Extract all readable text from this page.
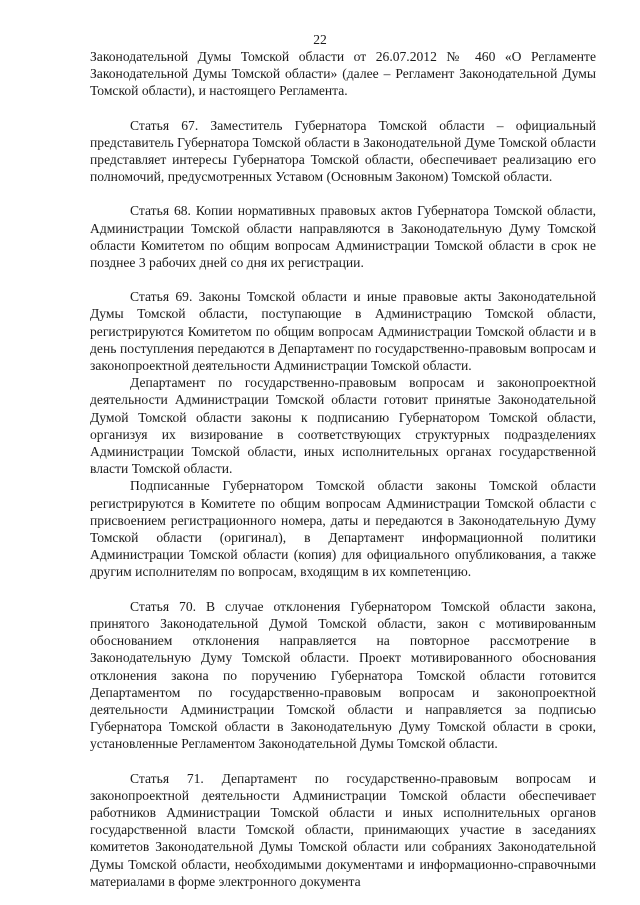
22

Законодательной Думы Томской области от 26.07.2012 № 460 «О Регламенте Законодательной Думы Томской области» (далее – Регламент Законодательной Думы Томской области), и настоящего Регламента.

Статья 67. Заместитель Губернатора Томской области – официальный представитель Губернатора Томской области в Законодательной Думе Томской области представляет интересы Губернатора Томской области, обеспечивает реализацию его полномочий, предусмотренных Уставом (Основным Законом) Томской области.

Статья 68. Копии нормативных правовых актов Губернатора Томской области, Администрации Томской области направляются в Законодательную Думу Томской области Комитетом по общим вопросам Администрации Томской области в срок не позднее 3 рабочих дней со дня их регистрации.

Статья 69. Законы Томской области и иные правовые акты Законодательной Думы Томской области, поступающие в Администрацию Томской области, регистрируются Комитетом по общим вопросам Администрации Томской области и в день поступления передаются в Департамент по государственно-правовым вопросам и законопроектной деятельности Администрации Томской области.

Департамент по государственно-правовым вопросам и законопроектной деятельности Администрации Томской области готовит принятые Законодательной Думой Томской области законы к подписанию Губернатором Томской области, организуя их визирование в соответствующих структурных подразделениях Администрации Томской области, иных исполнительных органах государственной власти Томской области.

Подписанные Губернатором Томской области законы Томской области регистрируются в Комитете по общим вопросам Администрации Томской области с присвоением регистрационного номера, даты и передаются в Законодательную Думу Томской области (оригинал), в Департамент информационной политики Администрации Томской области (копия) для официального опубликования, а также другим исполнителям по вопросам, входящим в их компетенцию.

Статья 70. В случае отклонения Губернатором Томской области закона, принятого Законодательной Думой Томской области, закон с мотивированным обоснованием отклонения направляется на повторное рассмотрение в Законодательную Думу Томской области. Проект мотивированного обоснования отклонения закона по поручению Губернатора Томской области готовится Департаментом по государственно-правовым вопросам и законопроектной деятельности Администрации Томской области и направляется за подписью Губернатора Томской области в Законодательную Думу Томской области в сроки, установленные Регламентом Законодательной Думы Томской области.

Статья 71. Департамент по государственно-правовым вопросам и законопроектной деятельности Администрации Томской области обеспечивает работников Администрации Томской области и иных исполнительных органов государственной власти Томской области, принимающих участие в заседаниях комитетов Законодательной Думы Томской области или собраниях Законодательной Думы Томской области, необходимыми документами и информационно-справочными материалами в форме электронного документа
